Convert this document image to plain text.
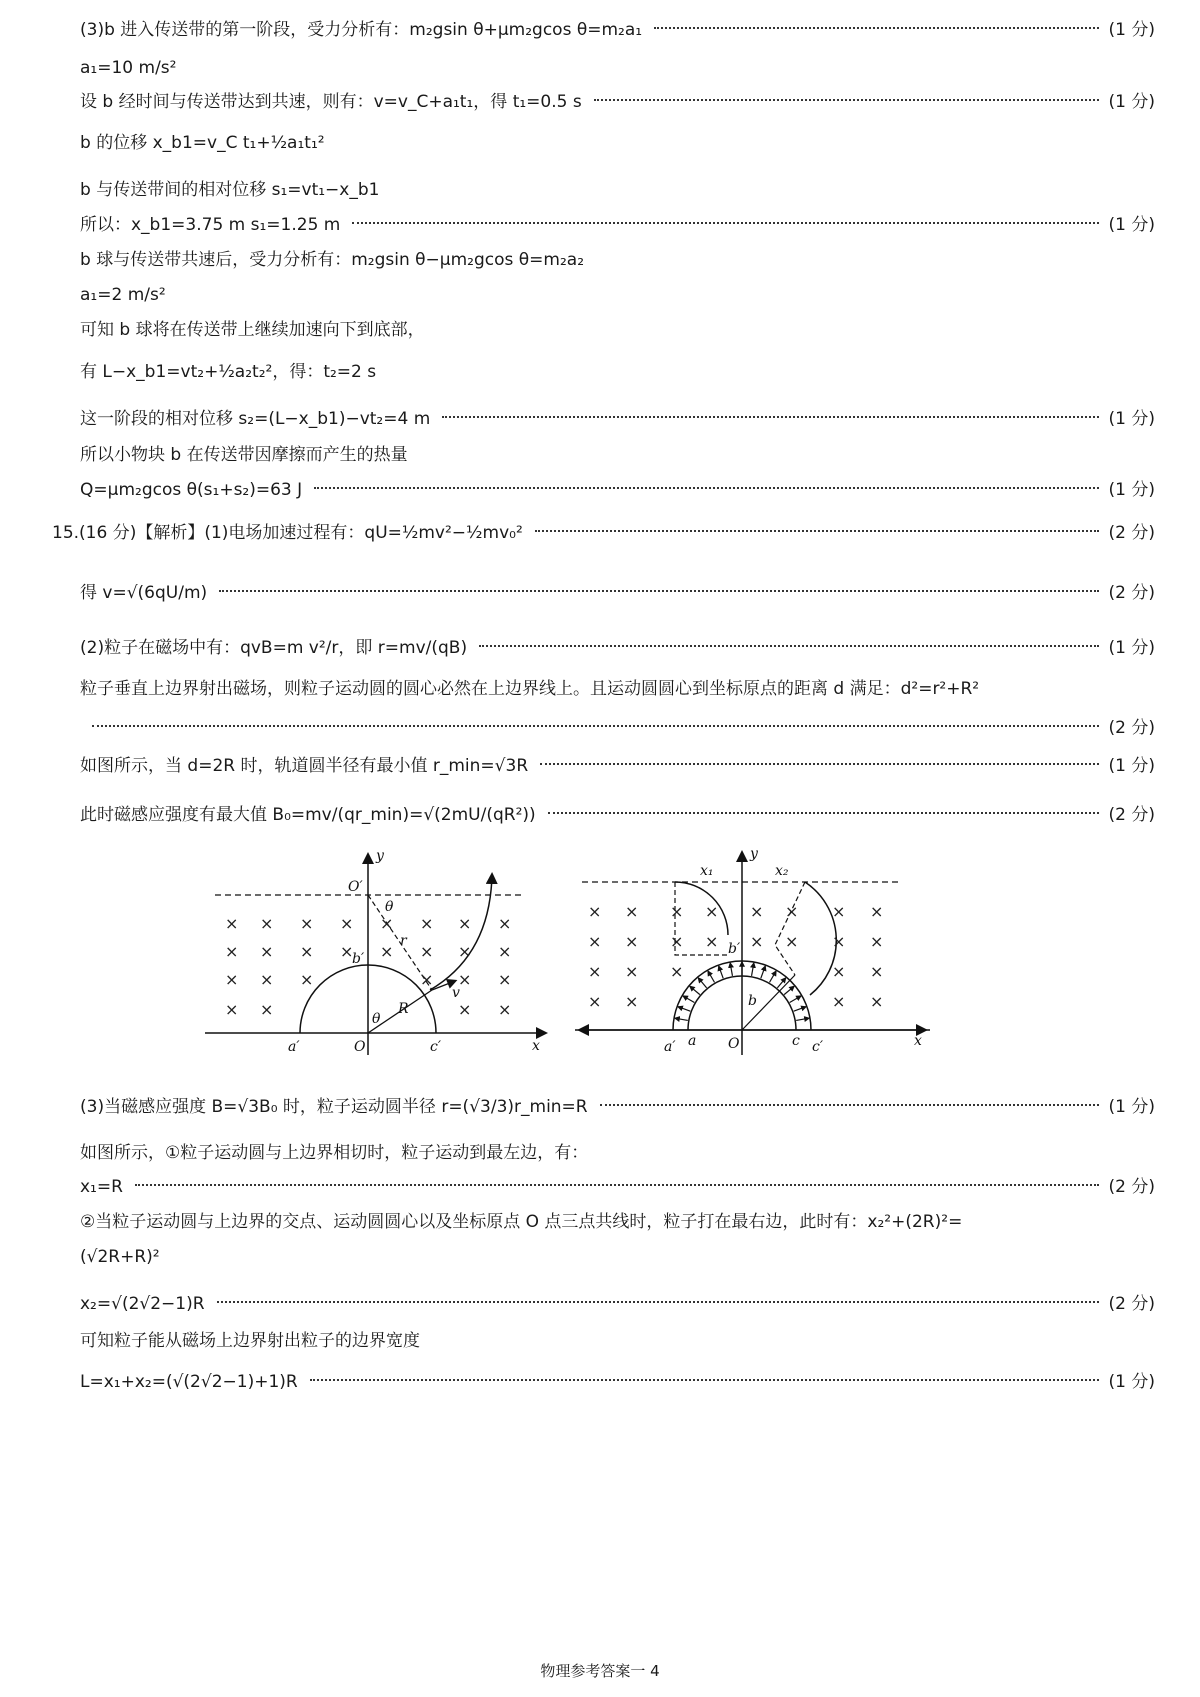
(3)b 进入传送带的第一阶段，受力分析有：m₂gsin θ+μm₂gcos θ=m₂a₁	(1 分)
a₁=10 m/s²
设 b 经时间与传送带达到共速，则有：v=v_C+a₁t₁，得 t₁=0.5 s	(1 分)
b 的位移 x_b1=v_C t₁+½a₁t₁²
b 与传送带间的相对位移 s₁=vt₁−x_b1
所以：x_b1=3.75 m s₁=1.25 m	(1 分)
b 球与传送带共速后，受力分析有：m₂gsin θ−μm₂gcos θ=m₂a₂
a₁=2 m/s²
可知 b 球将在传送带上继续加速向下到底部，
有 L−x_b1=vt₂+½a₂t₂²，得：t₂=2 s
这一阶段的相对位移 s₂=(L−x_b1)−vt₂=4 m	(1 分)
所以小物块 b 在传送带因摩擦而产生的热量
Q=μm₂gcos θ(s₁+s₂)=63 J	(1 分)
15.(16 分)【解析】(1)电场加速过程有：qU=½mv²−½mv₀²	(2 分)
得 v=√(6qU/m)	(2 分)
(2)粒子在磁场中有：qvB=m v²/r，即 r=mv/(qB)	(1 分)
粒子垂直上边界射出磁场，则粒子运动圆的圆心必然在上边界线上。且运动圆圆心到坐标原点的距离 d 满足：d²=r²+R²
(2 分)
如图所示，当 d=2R 时，轨道圆半径有最小值 r_min=√3R	(1 分)
此时磁感应强度有最大值 B₀=mv/(qr_min)=√(2mU/(qR²))	(2 分)
(3)当磁感应强度 B=√3B₀ 时，粒子运动圆半径 r=(√3/3)r_min=R	(1 分)
如图所示，①粒子运动圆与上边界相切时，粒子运动到最左边，有：
x₁=R	(2 分)
②当粒子运动圆与上边界的交点、运动圆圆心以及坐标原点 O 点三点共线时，粒子打在最右边，此时有：x₂²+(2R)²=
(√2R+R)²
x₂=√(2√2−1)R	(2 分)
可知粒子能从磁场上边界射出粒子的边界宽度
L=x₁+x₂=(√(2√2−1)+1)R	(1 分)
× × × × × × × ×
× × × × × × × ×
× × ×	× × ×
× ×	× ×
y
x
O
O′
θ
θ
r
R
v
b′
a′	c′
× × × × × × × ×
× × × × × × × ×
× × ×	× ×
× ×	× ×
y
x
O
x₁	x₂
b
b′
a
a′	c c′
物理参考答案一 4
